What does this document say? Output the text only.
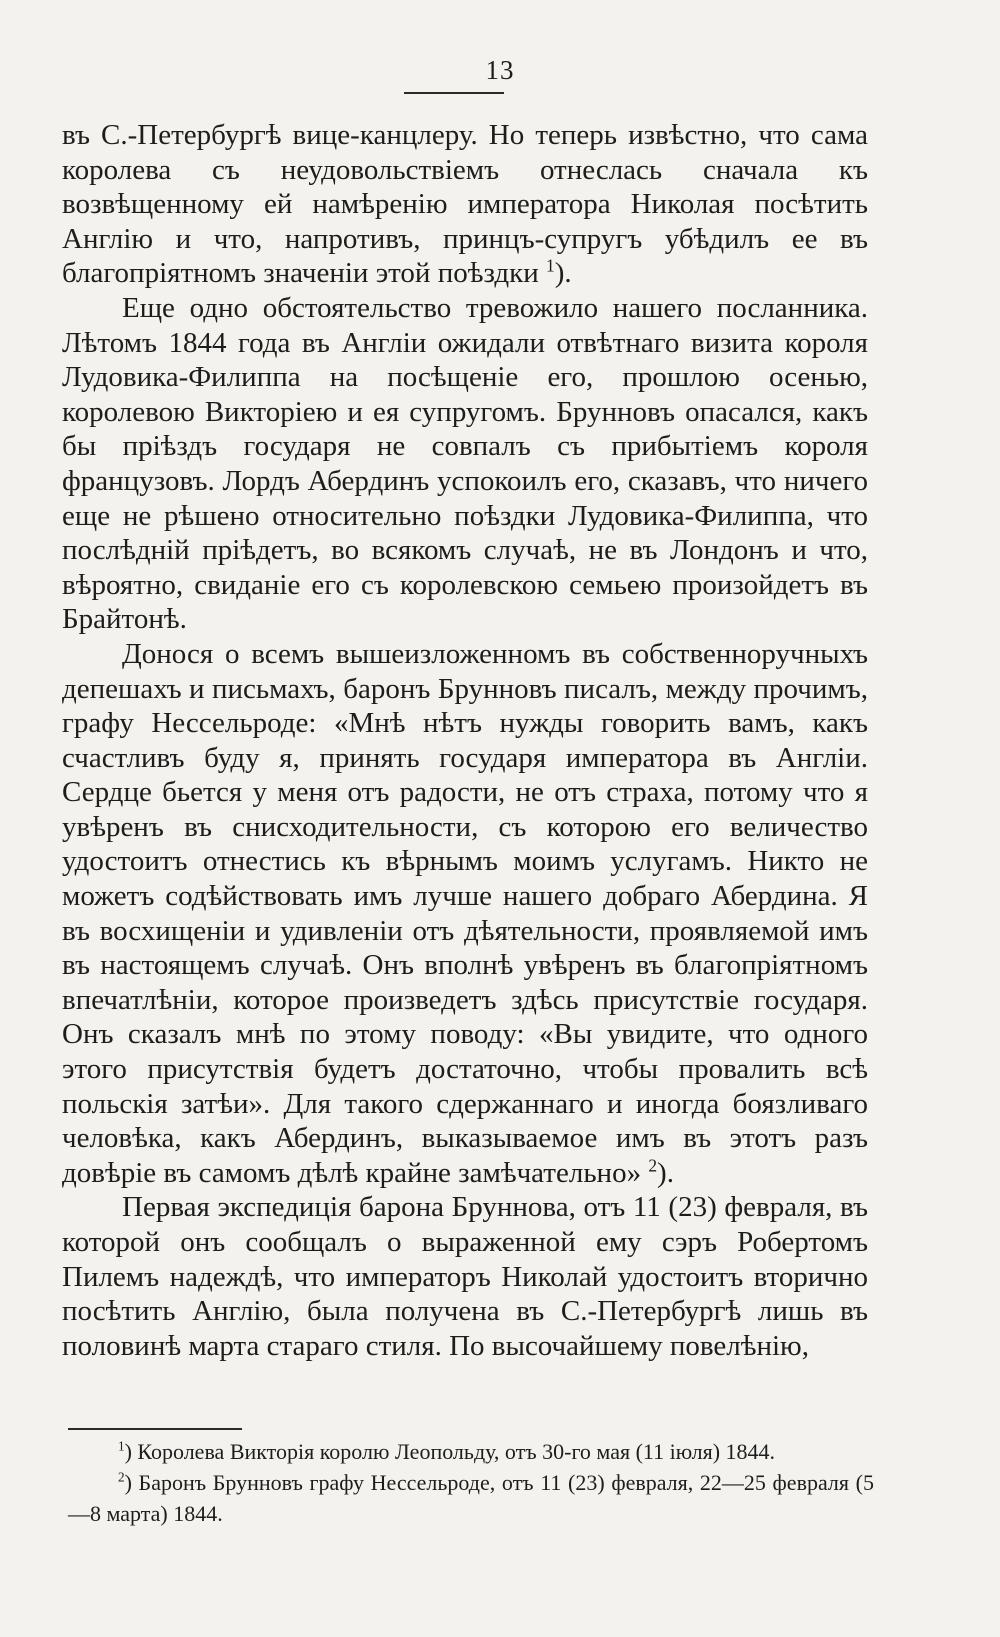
13

въ С.-Петербургѣ вице-канцлеру. Но теперь извѣстно, что сама королева съ неудовольствіемъ отнеслась сначала къ возвѣщенному ей намѣренію императора Николая посѣтить Англію и что, напротивъ, принцъ-супругъ убѣдилъ ее въ благопріятномъ значеніи этой поѣздки $^1$).

Еще одно обстоятельство тревожило нашего посланника. Лѣтомъ 1844 года въ Англіи ожидали отвѣтнаго визита короля Лудовика-Филиппа на посѣщеніе его, прошлою осенью, королевою Викторіею и ея супругомъ. Брунновъ опасался, какъ бы пріѣздъ государя не совпалъ съ прибытіемъ короля французовъ. Лордъ Абердинъ успокоилъ его, сказавъ, что ничего еще не рѣшено относительно поѣздки Лудовика-Филиппа, что послѣдній пріѣдетъ, во всякомъ случаѣ, не въ Лондонъ и что, вѣроятно, свиданіе его съ королевскою семьею произойдетъ въ Брайтонѣ.

Донося о всемъ вышеизложенномъ въ собственноручныхъ депешахъ и письмахъ, баронъ Брунновъ писалъ, между прочимъ, графу Нессельроде: «Мнѣ нѣтъ нужды говорить вамъ, какъ счастливъ буду я, принять государя императора въ Англіи. Сердце бьется у меня отъ радости, не отъ страха, потому что я увѣренъ въ снисходительности, съ которою его величество удостоитъ отнестись къ вѣрнымъ моимъ услугамъ. Никто не можетъ содѣйствовать имъ лучше нашего добраго Абердина. Я въ восхищеніи и удивленіи отъ дѣятельности, проявляемой имъ въ настоящемъ случаѣ. Онъ вполнѣ увѣренъ въ благопріятномъ впечатлѣніи, которое произведетъ здѣсь присутствіе государя. Онъ сказалъ мнѣ по этому поводу: «Вы увидите, что одного этого присутствія будетъ достаточно, чтобы провалить всѣ польскія затѣи». Для такого сдержаннаго и иногда боязливаго человѣка, какъ Абердинъ, выказываемое имъ въ этотъ разъ довѣріе въ самомъ дѣлѣ крайне замѣчательно» $^2$).

Первая экспедиція барона Бруннова, отъ 11 (23) февраля, въ которой онъ сообщалъ о выраженной ему сэръ Робертомъ Пилемъ надеждѣ, что императоръ Николай удостоитъ вторично посѣтить Англію, была получена въ С.-Петербургѣ лишь въ половинѣ марта стараго стиля. По высочайшему повелѣнію,

$^1$) Королева Викторія королю Леопольду, отъ 30-го мая (11 іюля) 1844.

$^2$) Баронъ Брунновъ графу Нессельроде, отъ 11 (23) февраля, 22—25 февраля (5—8 марта) 1844.
